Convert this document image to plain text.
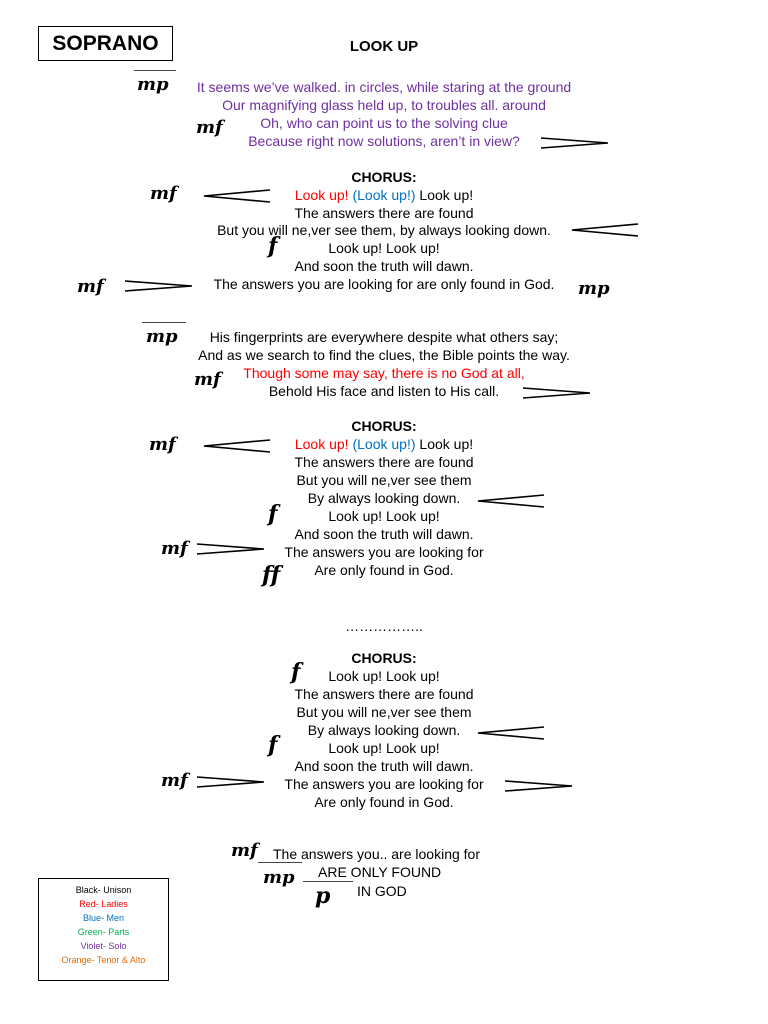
SOPRANO	LOOK UP
mp	It seems we’ve walked. in circles, while staring at the ground
Our magnifying glass held up, to troubles all. around
mf	Oh, who can point us to the solving clue
Because right now solutions, aren’t in view?
CHORUS:
mf	Look up! (Look up!) Look up!
The answers there are found
But you will ne,ver see them, by always looking down.
f	Look up! Look up!
And soon the truth will dawn.
mf	The answers you are looking for are only found in God.	mp
mp	His fingerprints are everywhere despite what others say;
And as we search to find the clues, the Bible points the way.
mf	Though some may say, there is no God at all,
Behold His face and listen to His call.
CHORUS:
mf	Look up! (Look up!) Look up!
The answers there are found
But you will ne,ver see them
By always looking down.
f	Look up! Look up!
And soon the truth will dawn.
mf	The answers you are looking for
ff	Are only found in God.
……………..
CHORUS:
f	Look up! Look up!
The answers there are found
But you will ne,ver see them
By always looking down.
f	Look up! Look up!
And soon the truth will dawn.
mf	The answers you are looking for
Are only found in God.
mf The answers you.. are looking for
mp ARE ONLY FOUND
p IN GOD
Black- Unison
Red- Ladies
Blue- Men
Green- Parts
Violet- Solo
Orange- Tenor & Alto
